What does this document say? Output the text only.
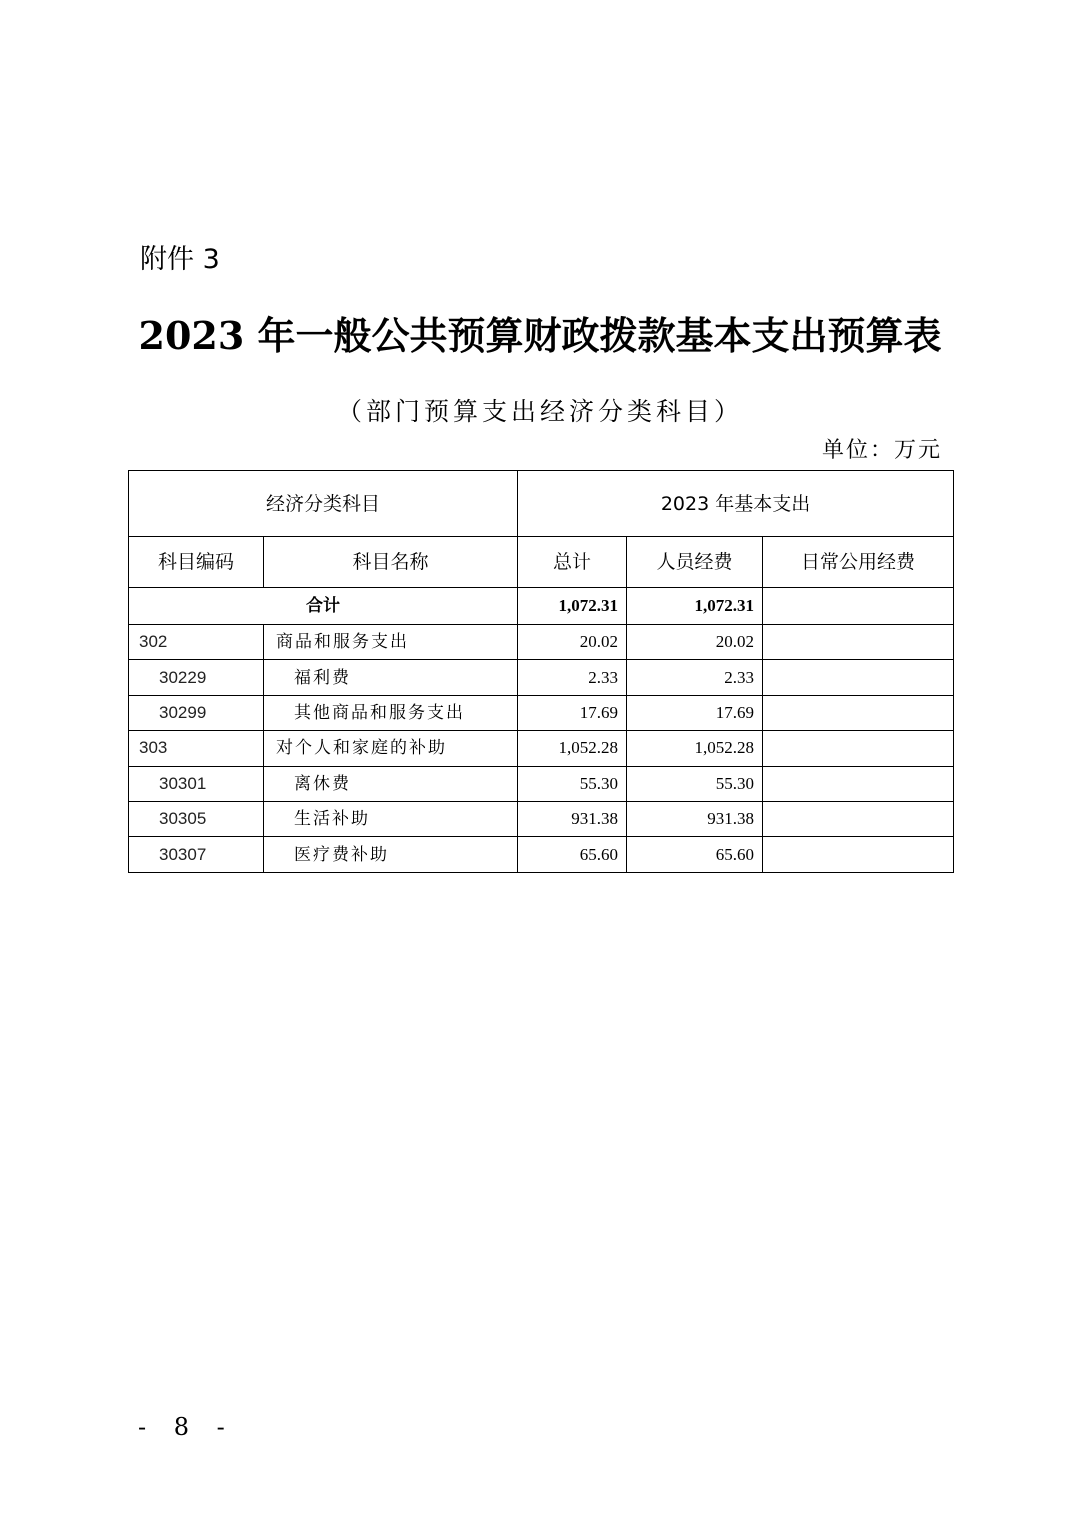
附件 3
2023 年一般公共预算财政拨款基本支出预算表
（部门预算支出经济分类科目）
单位：万元
经济分类科目		2023 年基本支出		
科目编码	科目名称	总计	人员经费	日常公用经费
合计		1,072.31	1,072.31	
302	商品和服务支出	20.02	20.02	
30229	福利费	2.33	2.33	
30299	其他商品和服务支出	17.69	17.69	
303	对个人和家庭的补助	1,052.28	1,052.28	
30301	离休费	55.30	55.30	
30305	生活补助	931.38	931.38	
30307	医疗费补助	65.60	65.60	
- 8 -
